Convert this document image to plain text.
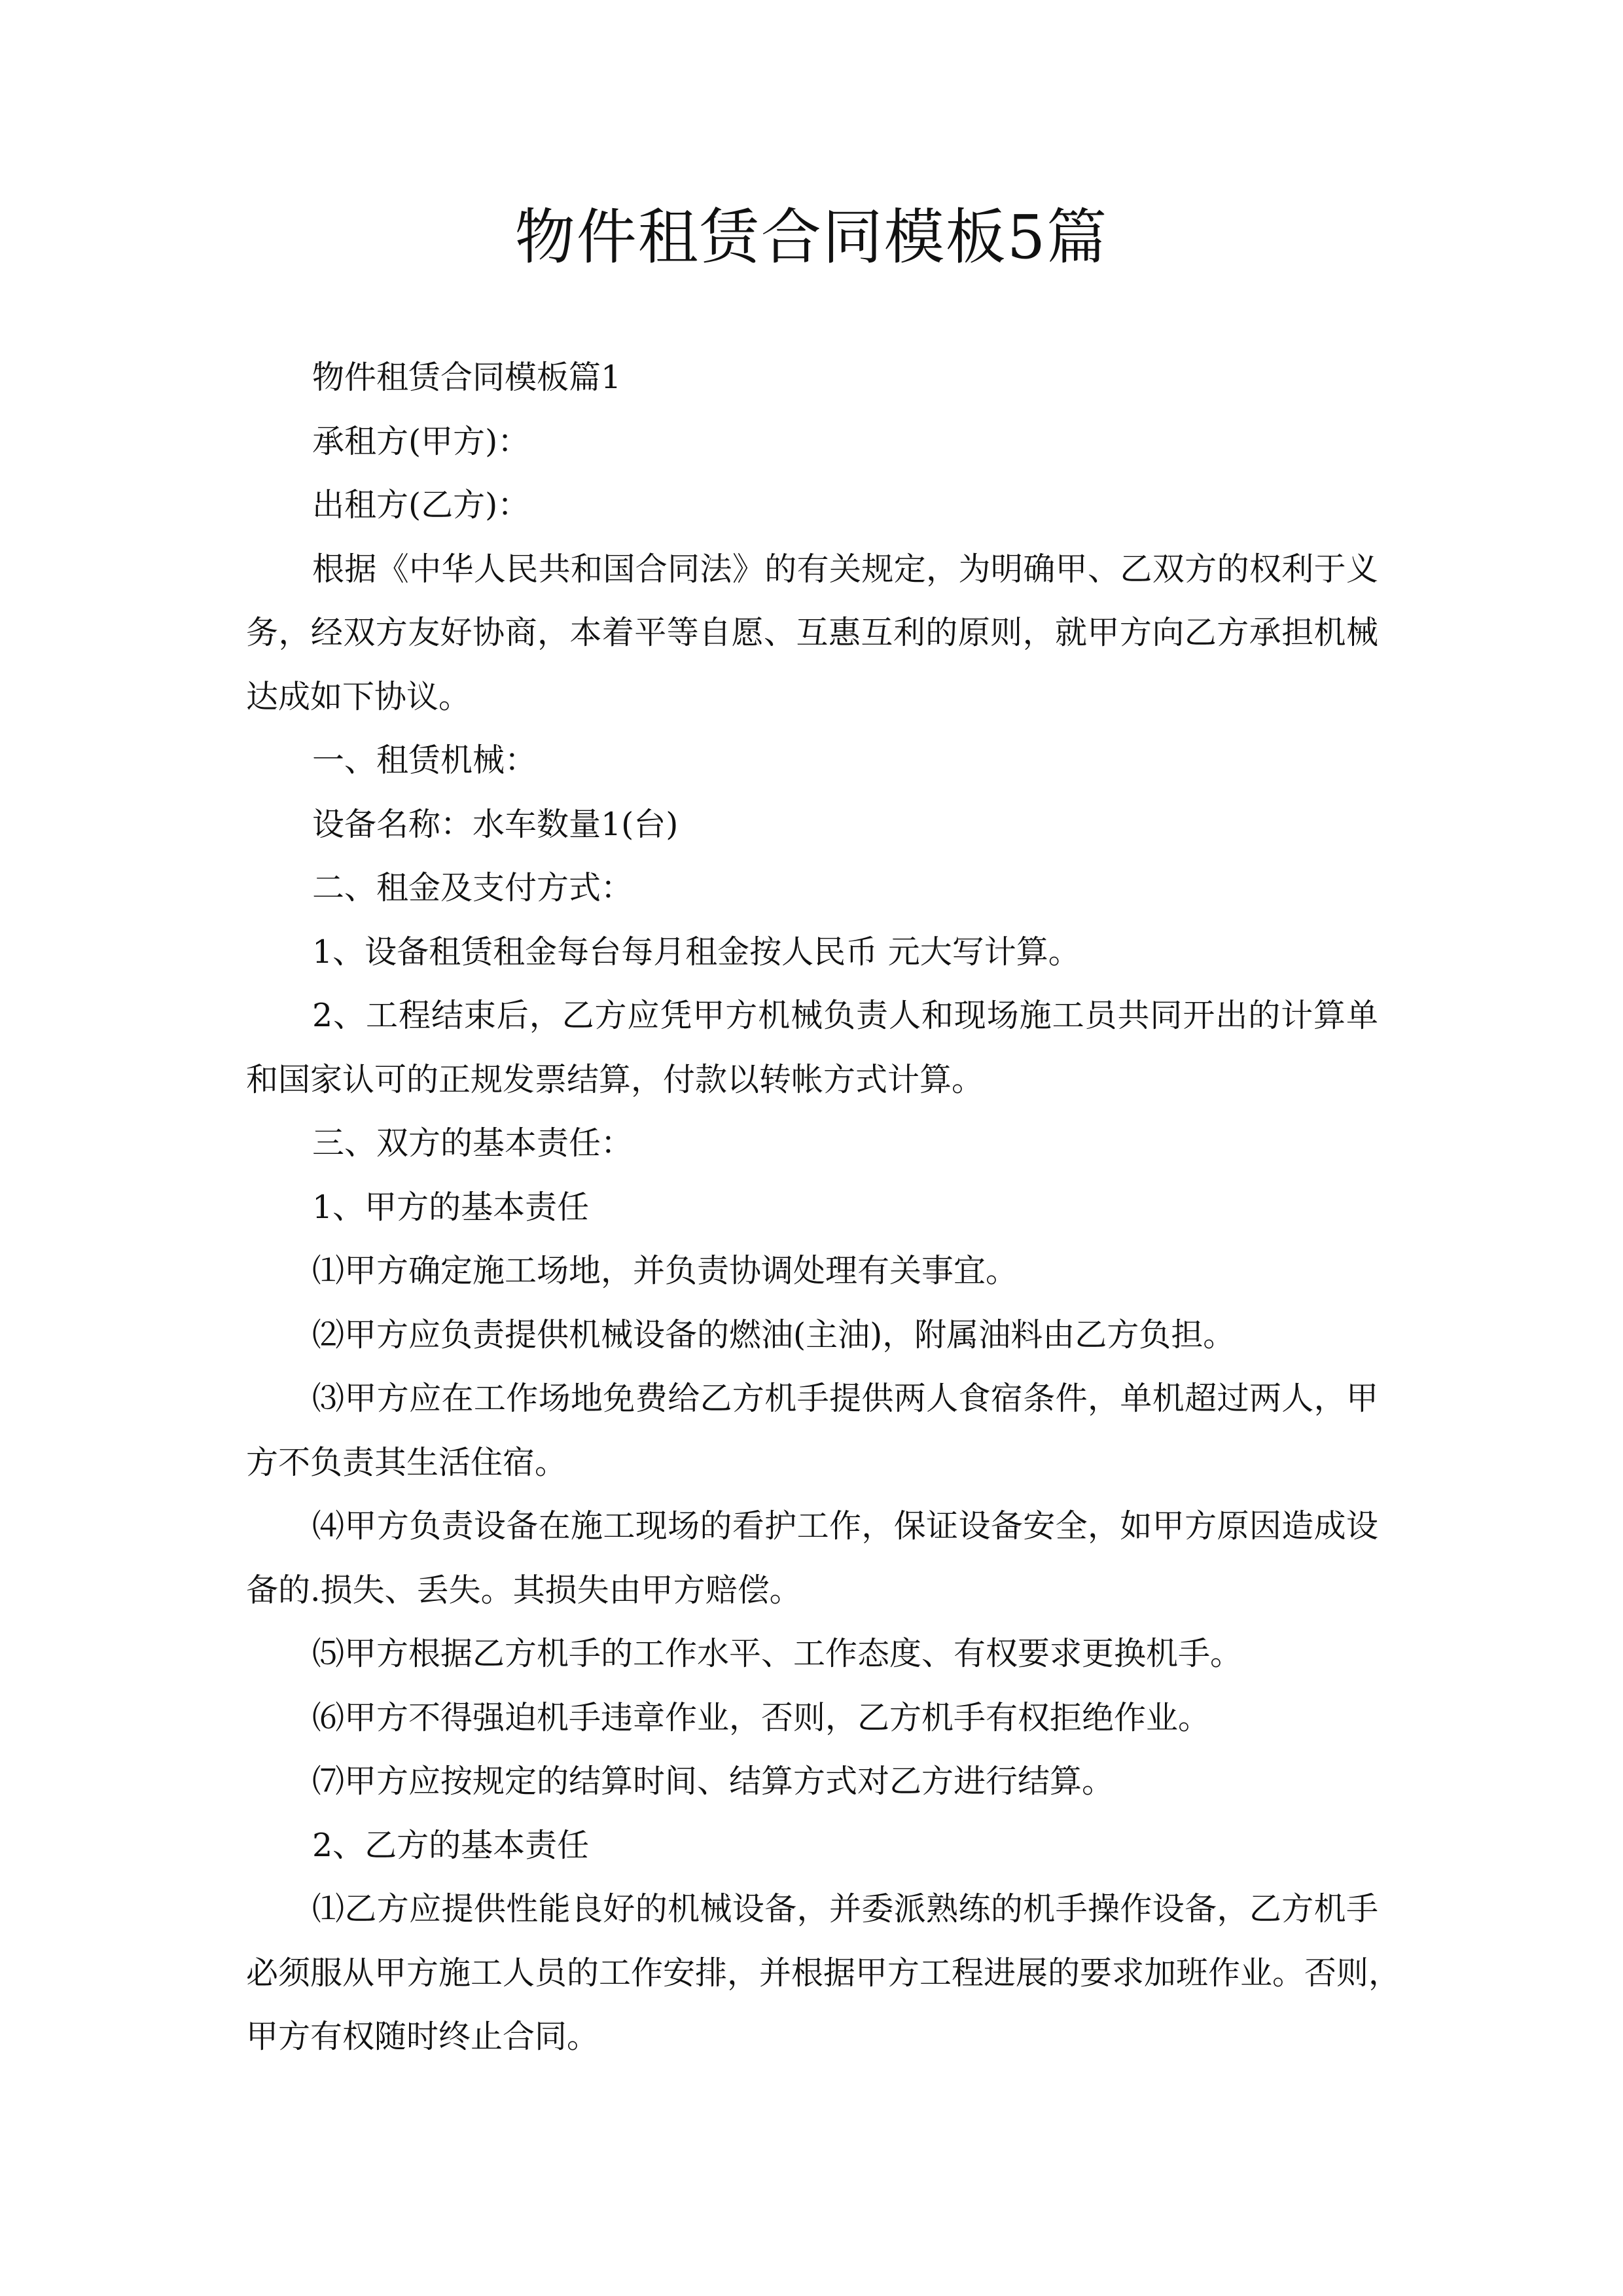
物件租赁合同模板5篇
物件租赁合同模板篇1
承租方(甲方)：
出租方(乙方)：
根据《中华人民共和国合同法》的有关规定，为明确甲、乙双方的权利于义
务，经双方友好协商，本着平等自愿、互惠互利的原则，就甲方向乙方承担机械
达成如下协议。
一、租赁机械：
设备名称：水车数量1(台)
二、租金及支付方式：
1、设备租赁租金每台每月租金按人民币 元大写计算。
2、工程结束后，乙方应凭甲方机械负责人和现场施工员共同开出的计算单
和国家认可的正规发票结算，付款以转帐方式计算。
三、双方的基本责任：
1、甲方的基本责任
⑴甲方确定施工场地，并负责协调处理有关事宜。
⑵甲方应负责提供机械设备的燃油(主油)，附属油料由乙方负担。
⑶甲方应在工作场地免费给乙方机手提供两人食宿条件，单机超过两人，甲
方不负责其生活住宿。
⑷甲方负责设备在施工现场的看护工作，保证设备安全，如甲方原因造成设
备的.损失、丢失。其损失由甲方赔偿。
⑸甲方根据乙方机手的工作水平、工作态度、有权要求更换机手。
⑹甲方不得强迫机手违章作业，否则，乙方机手有权拒绝作业。
⑺甲方应按规定的结算时间、结算方式对乙方进行结算。
2、乙方的基本责任
⑴乙方应提供性能良好的机械设备，并委派熟练的机手操作设备，乙方机手
必须服从甲方施工人员的工作安排，并根据甲方工程进展的要求加班作业。否则，
甲方有权随时终止合同。
